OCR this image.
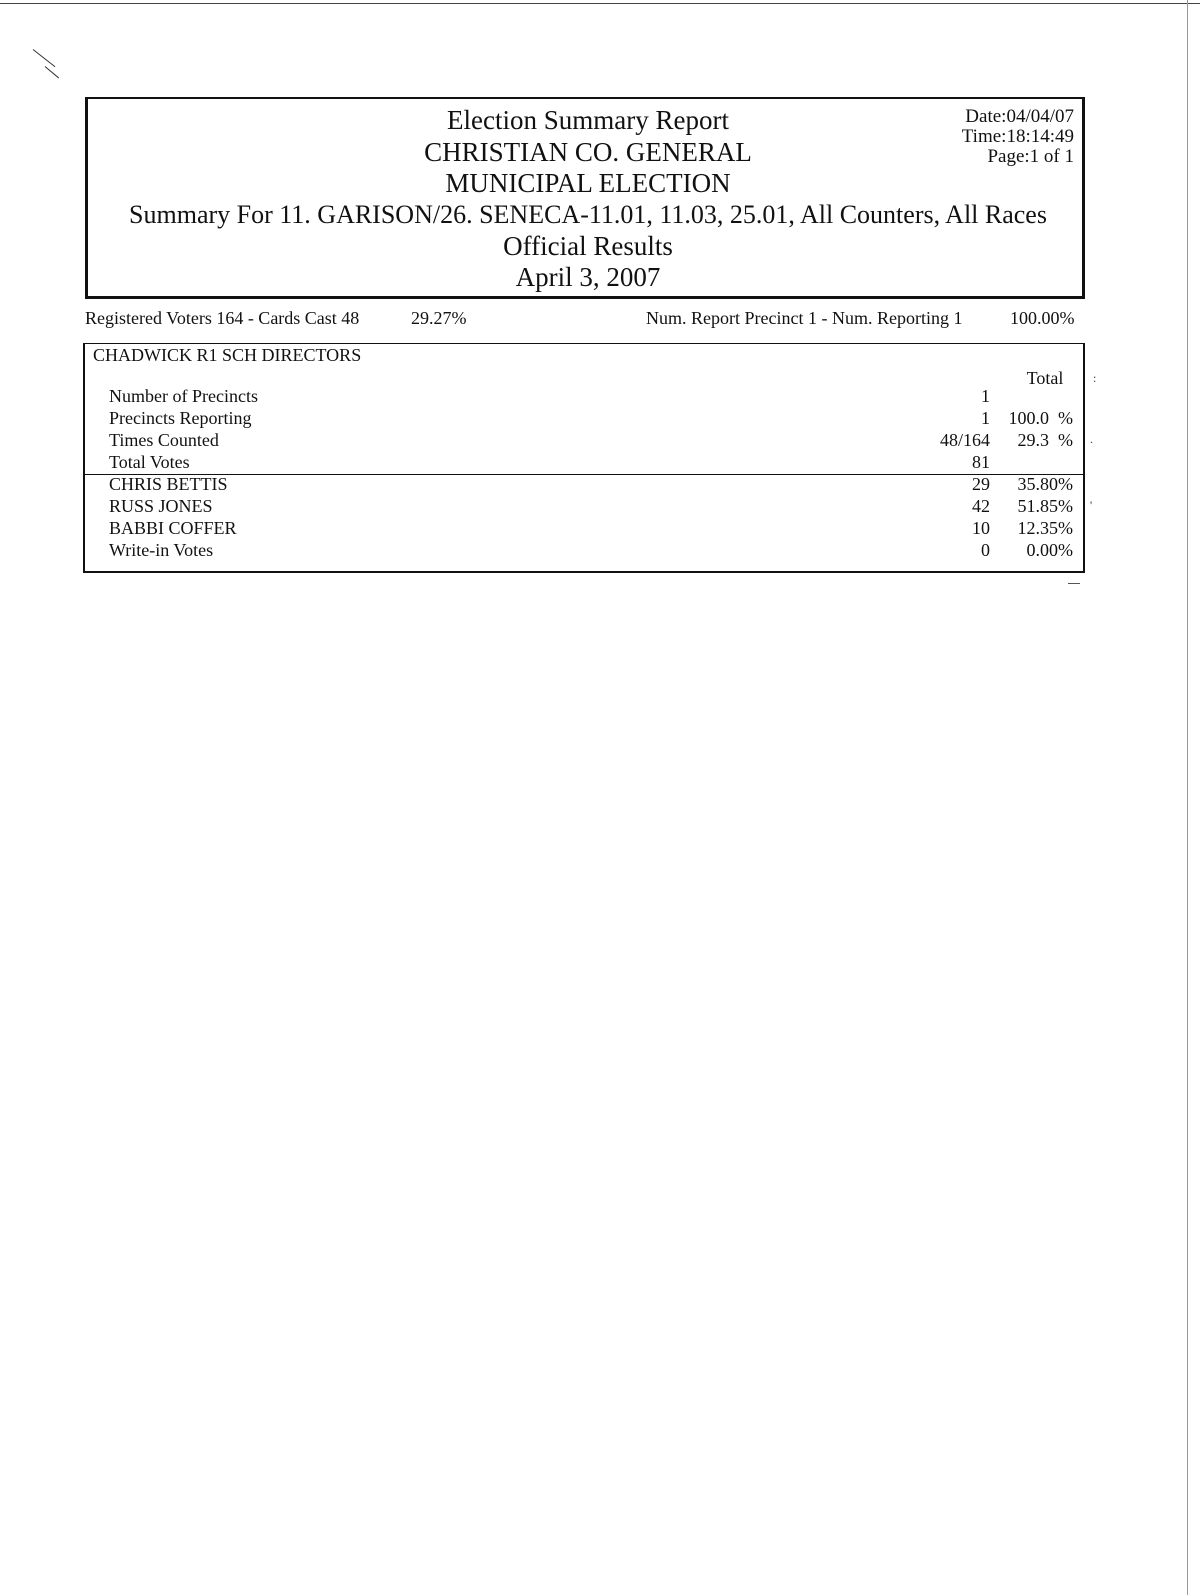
Election Summary Report
CHRISTIAN CO. GENERAL
MUNICIPAL ELECTION
Summary For 11. GARISON/26. SENECA-11.01, 11.03, 25.01, All Counters, All Races
Official Results
April 3, 2007
Date:04/04/07
Time:18:14:49
Page:1 of 1
Registered Voters 164 - Cards Cast 48	29.27%	Num. Report Precinct 1 - Num. Reporting 1	100.00%
CHADWICK R1 SCH DIRECTORS
Total
Number of Precincts	1
Precincts Reporting	1 100.0  %
Times Counted	48/164 29.3  %
Total Votes	81
CHRIS BETTIS	29 35.80%
RUSS JONES	42 51.85%
BABBI COFFER	10 12.35%
Write-in Votes	0 0.00%
:
.
'
